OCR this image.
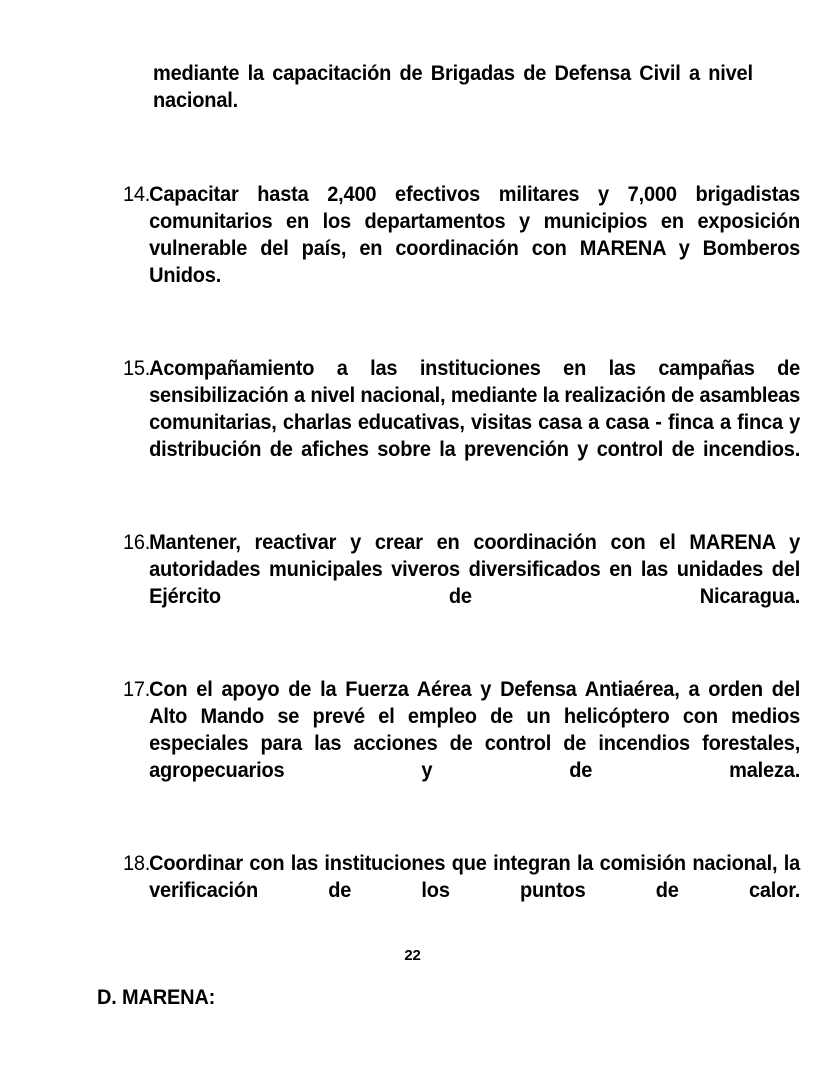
mediante la capacitación de Brigadas de Defensa Civil a nivel nacional.

14. Capacitar hasta 2,400 efectivos militares y 7,000 brigadistas comunitarios en los departamentos y municipios en exposición vulnerable del país, en coordinación con MARENA y Bomberos Unidos.
15. Acompañamiento a las instituciones en las campañas de sensibilización a nivel nacional, mediante la realización de asambleas comunitarias, charlas educativas, visitas casa a casa - finca a finca y distribución de afiches sobre la prevención y control de incendios.
16. Mantener, reactivar y crear en coordinación con el MARENA y autoridades municipales viveros diversificados en las unidades del Ejército de Nicaragua.
17. Con el apoyo de la Fuerza Aérea y Defensa Antiaérea, a orden del Alto Mando se prevé el empleo de un helicóptero con medios especiales para las acciones de control de incendios forestales, agropecuarios y de maleza.
18. Coordinar con las instituciones que integran la comisión nacional, la verificación de los puntos de calor.
D. MARENA:
22
